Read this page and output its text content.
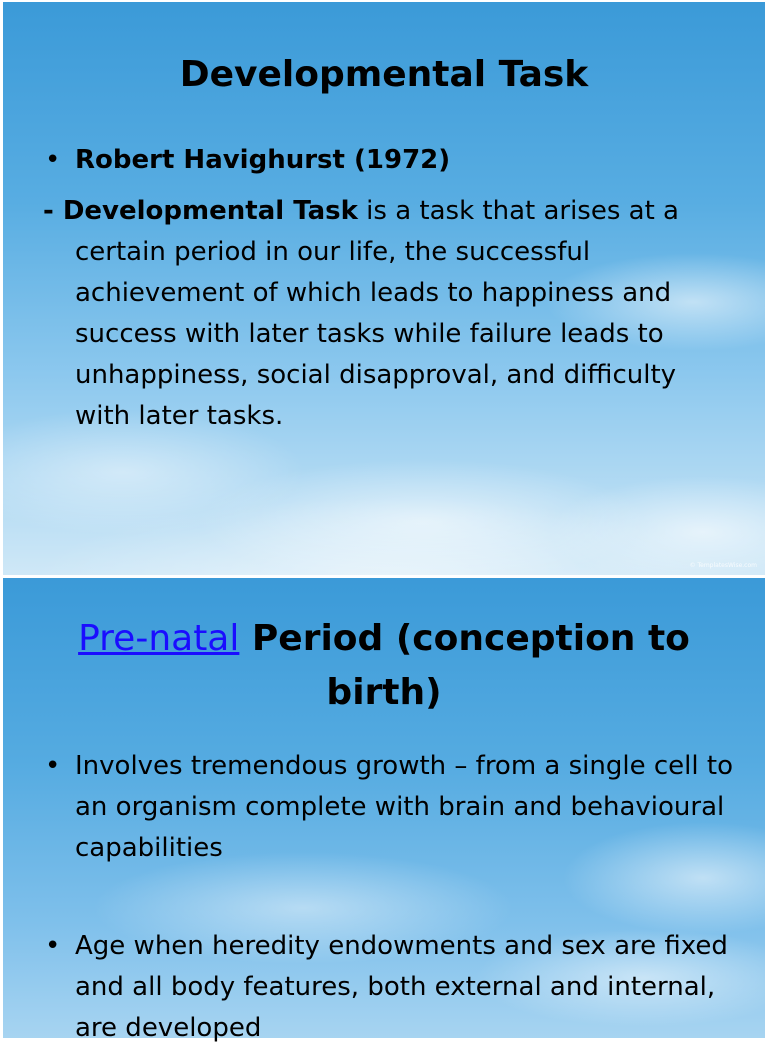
Developmental Task
• Robert Havighurst (1972)
- Developmental Task is a task that arises at a certain period in our life, the successful achievement of which leads to happiness and success with later tasks while failure leads to unhappiness, social disapproval, and difficulty with later tasks.
© TemplatesWise.com
Pre-natal Period (conception to birth)
• Involves tremendous growth – from a single cell to an organism complete with brain and behavioural capabilities
• Age when heredity endowments and sex are fixed and all body features, both external and internal, are developed
